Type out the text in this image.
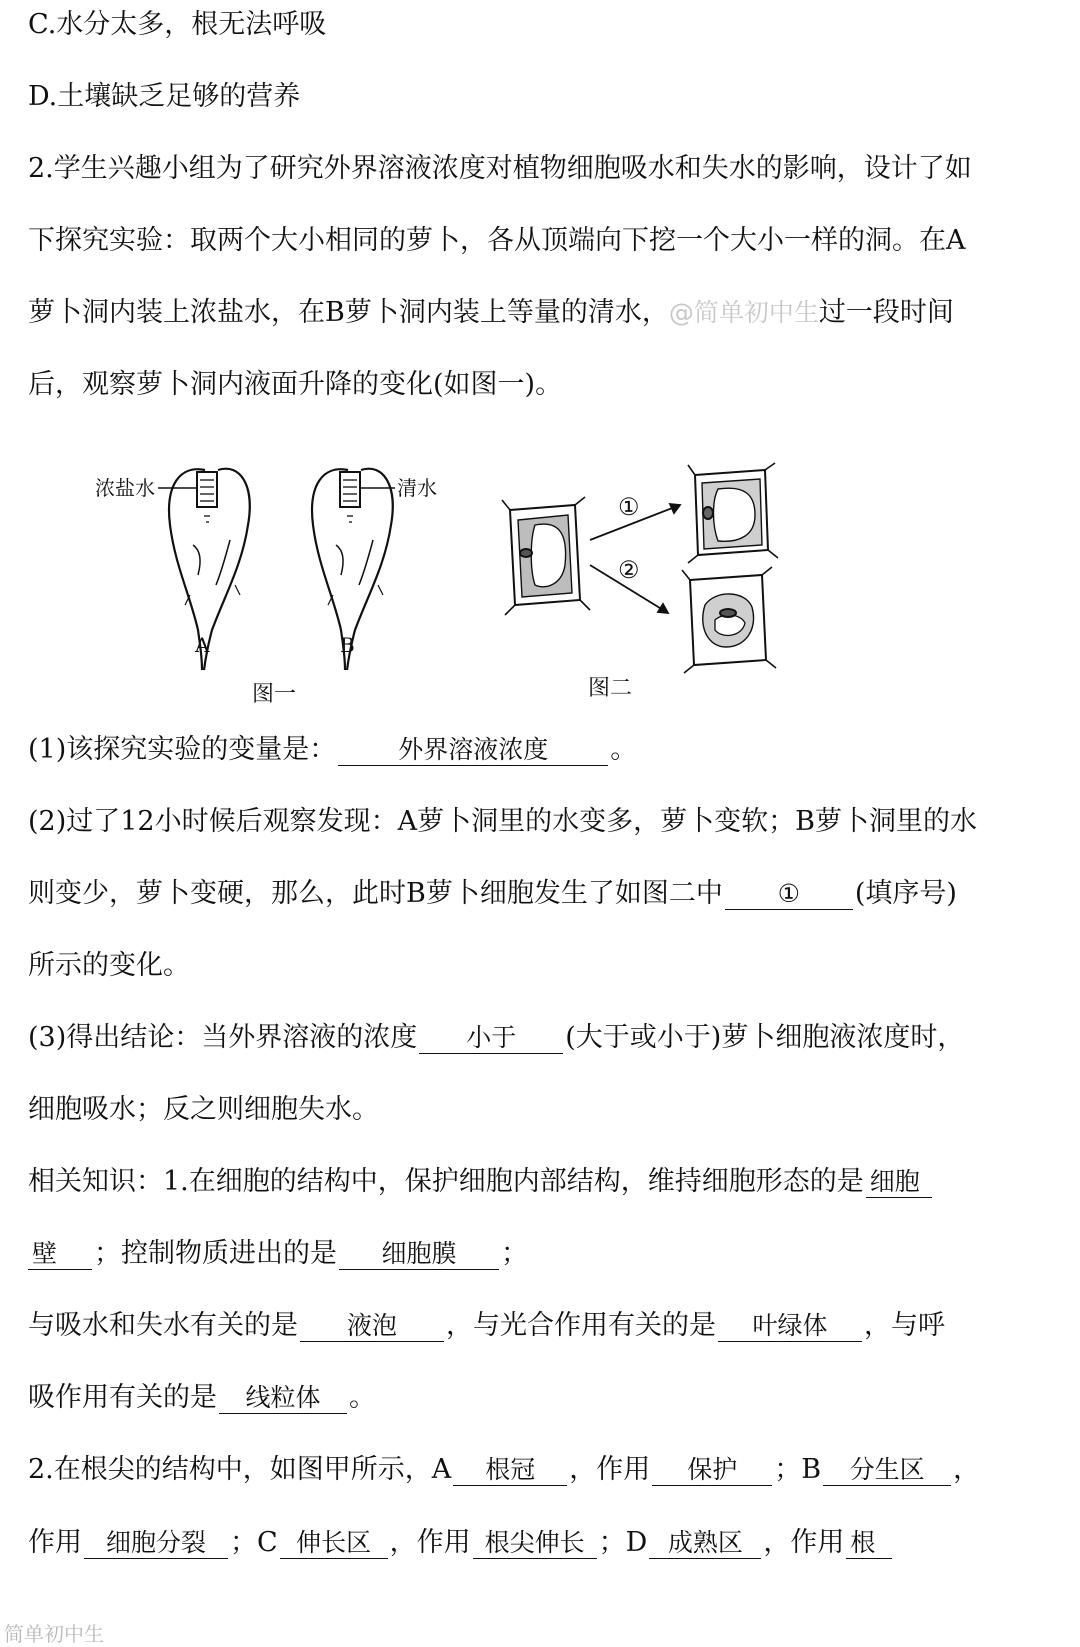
C.水分太多，根无法呼吸
D.土壤缺乏足够的营养
2.学生兴趣小组为了研究外界溶液浓度对植物细胞吸水和失水的影响，设计了如
下探究实验：取两个大小相同的萝卜，各从顶端向下挖一个大小一样的洞。在A
萝卜洞内装上浓盐水，在B萝卜洞内装上等量的清水，@简单初中生过一段时间
后，观察萝卜洞内液面升降的变化(如图一)。
浓盐水	清水
A	B
①
②
图一	图二
(1)该探究实验的变量是： 外界溶液浓度 。
(2)过了12小时候后观察发现：A萝卜洞里的水变多，萝卜变软；B萝卜洞里的水
则变少，萝卜变硬，那么，此时B萝卜细胞发生了如图二中 ① (填序号)
所示的变化。
(3)得出结论：当外界溶液的浓度 小于 (大于或小于)萝卜细胞液浓度时，
细胞吸水；反之则细胞失水。
相关知识：1.在细胞的结构中，保护细胞内部结构，维持细胞形态的是 细胞
壁 ；控制物质进出的是 细胞膜 ；
与吸水和失水有关的是 液泡 ，与光合作用有关的是 叶绿体 ，与呼
吸作用有关的是 线粒体 。
2.在根尖的结构中，如图甲所示，A 根冠 ，作用 保护 ；B 分生区 ，
作用 细胞分裂 ；C 伸长区 ，作用 根尖伸长 ；D 成熟区 ，作用 根
简单初中生
